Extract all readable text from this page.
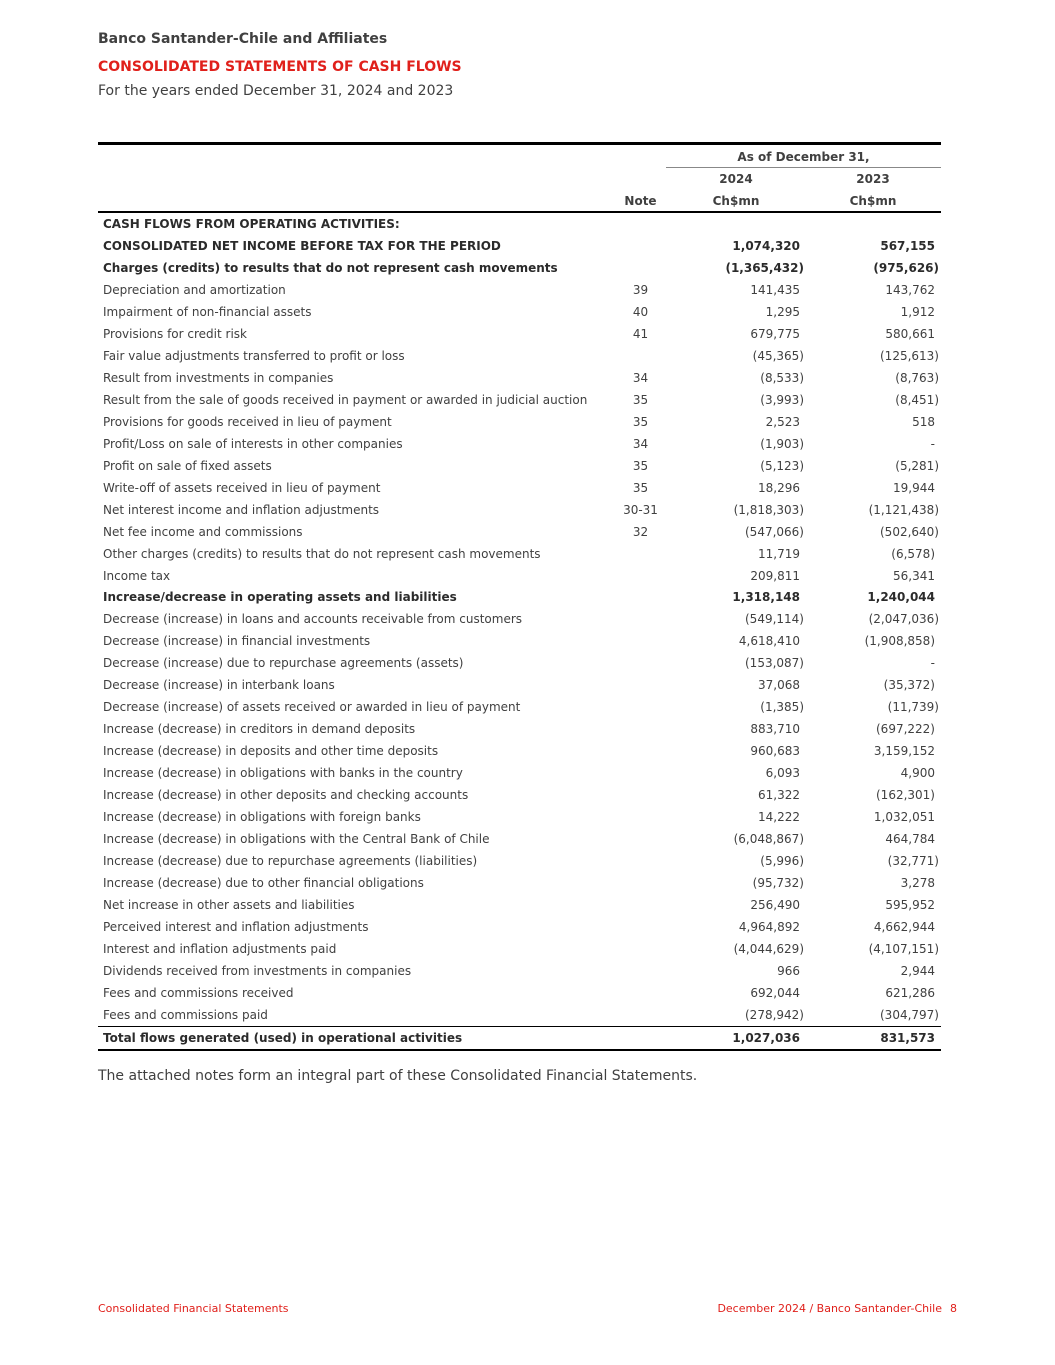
Banco Santander-Chile and Affiliates
CONSOLIDATED STATEMENTS OF CASH FLOWS
For the years ended December 31, 2024 and 2023
As of December 31,
2024	2023
Note	Ch$mn	Ch$mn
CASH FLOWS FROM OPERATING ACTIVITIES:
CONSOLIDATED NET INCOME BEFORE TAX FOR THE PERIOD	1,074,320	567,155
Charges (credits) to results that do not represent cash movements	(1,365,432)	(975,626)
Depreciation and amortization	39	141,435	143,762
Impairment of non-financial assets	40	1,295	1,912
Provisions for credit risk	41	679,775	580,661
Fair value adjustments transferred to profit or loss	(45,365)	(125,613)
Result from investments in companies	34	(8,533)	(8,763)
Result from the sale of goods received in payment or awarded in judicial auction	35	(3,993)	(8,451)
Provisions for goods received in lieu of payment	35	2,523	518
Profit/Loss on sale of interests in other companies	34	(1,903)	-
Profit on sale of fixed assets	35	(5,123)	(5,281)
Write-off of assets received in lieu of payment	35	18,296	19,944
Net interest income and inflation adjustments	30-31	(1,818,303)	(1,121,438)
Net fee income and commissions	32	(547,066)	(502,640)
Other charges (credits) to results that do not represent cash movements	11,719	(6,578)
Income tax	209,811	56,341
Increase/decrease in operating assets and liabilities	1,318,148	1,240,044
Decrease (increase) in loans and accounts receivable from customers	(549,114)	(2,047,036)
Decrease (increase) in financial investments	4,618,410	(1,908,858)
Decrease (increase) due to repurchase agreements (assets)	(153,087)	-
Decrease (increase) in interbank loans	37,068	(35,372)
Decrease (increase) of assets received or awarded in lieu of payment	(1,385)	(11,739)
Increase (decrease) in creditors in demand deposits	883,710	(697,222)
Increase (decrease) in deposits and other time deposits	960,683	3,159,152
Increase (decrease) in obligations with banks in the country	6,093	4,900
Increase (decrease) in other deposits and checking accounts	61,322	(162,301)
Increase (decrease) in obligations with foreign banks	14,222	1,032,051
Increase (decrease) in obligations with the Central Bank of Chile	(6,048,867)	464,784
Increase (decrease) due to repurchase agreements (liabilities)	(5,996)	(32,771)
Increase (decrease) due to other financial obligations	(95,732)	3,278
Net increase in other assets and liabilities	256,490	595,952
Perceived interest and inflation adjustments	4,964,892	4,662,944
Interest and inflation adjustments paid	(4,044,629)	(4,107,151)
Dividends received from investments in companies	966	2,944
Fees and commissions received	692,044	621,286
Fees and commissions paid	(278,942)	(304,797)
Total flows generated (used) in operational activities	1,027,036	831,573
The attached notes form an integral part of these Consolidated Financial Statements.
Consolidated Financial Statements	December 2024 / Banco Santander-Chile 8
